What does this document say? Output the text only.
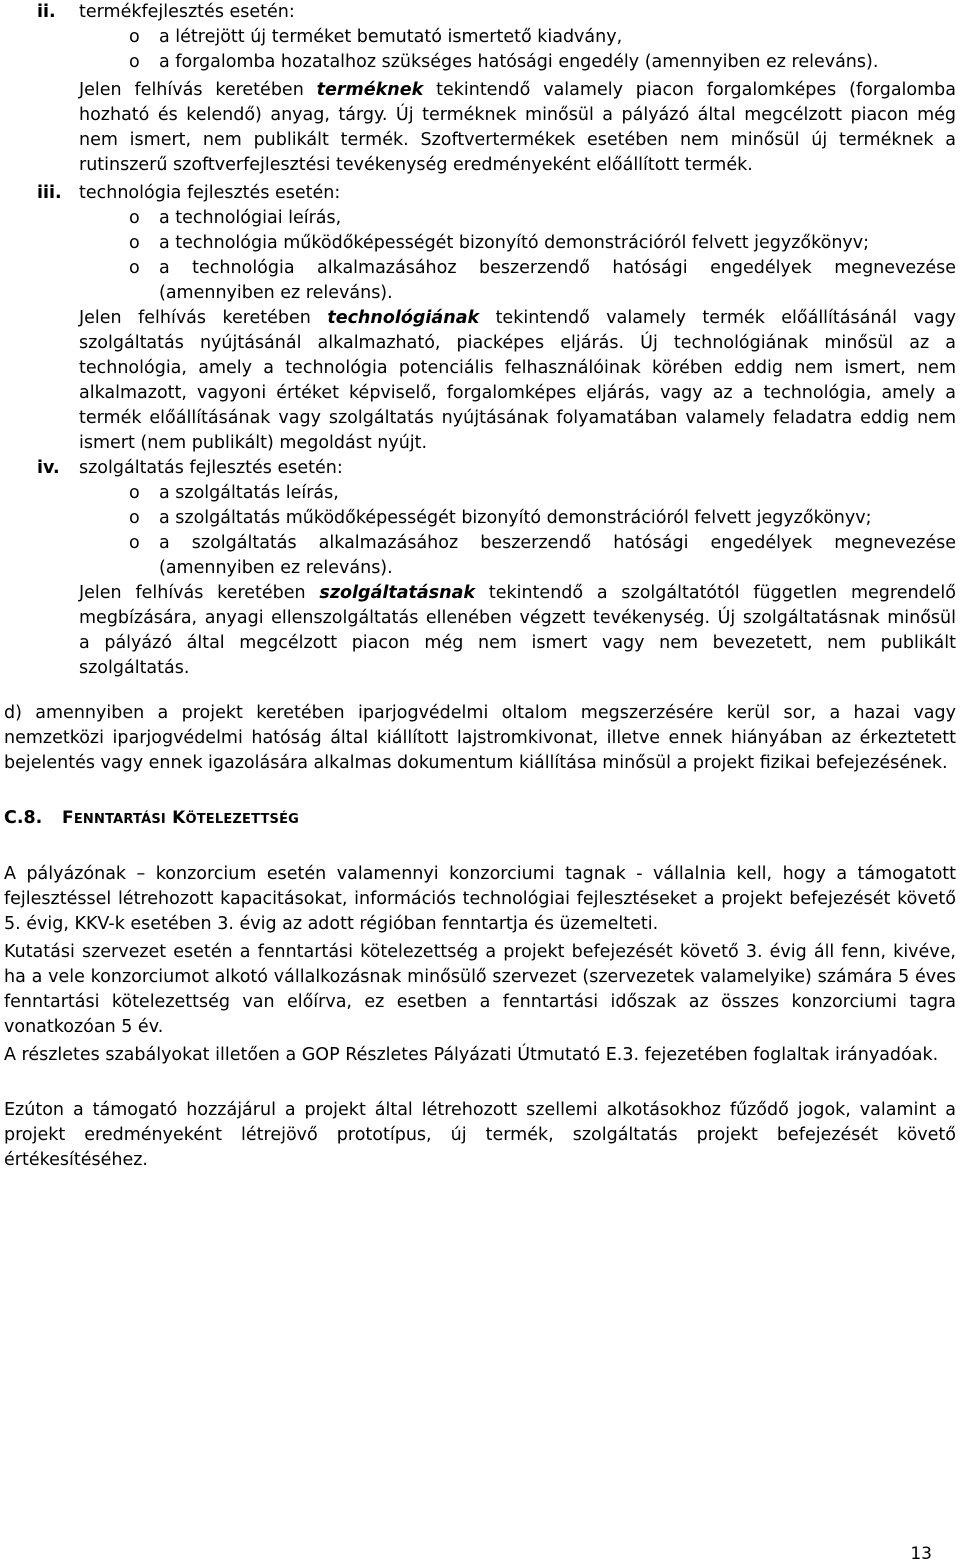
ii.	termékfejlesztés esetén:

o a létrejött új terméket bemutató ismertető kiadvány,

o a forgalomba hozatalhoz szükséges hatósági engedély (amennyiben ez releváns).

Jelen felhívás keretében terméknek tekintendő valamely piacon forgalomképes (forgalomba hozható és kelendő) anyag, tárgy. Új terméknek minősül a pályázó által megcélzott piacon még nem ismert, nem publikált termék. Szoftvertermékek esetében nem minősül új terméknek a rutinszerű szoftverfejlesztési tevékenység eredményeként előállított termék.

iii. technológia fejlesztés esetén:

o a technológiai leírás,

o a technológia működőképességét bizonyító demonstrációról felvett jegyzőkönyv;

o a technológia alkalmazásához beszerzendő hatósági engedélyek megnevezése (amennyiben ez releváns).

Jelen felhívás keretében technológiának tekintendő valamely termék előállításánál vagy szolgáltatás nyújtásánál alkalmazható, piacképes eljárás. Új technológiának minősül az a technológia, amely a technológia potenciális felhasználóinak körében eddig nem ismert, nem alkalmazott, vagyoni értéket képviselő, forgalomképes eljárás, vagy az a technológia, amely a termék előállításának vagy szolgáltatás nyújtásának folyamatában valamely feladatra eddig nem ismert (nem publikált) megoldást nyújt.

iv.	szolgáltatás fejlesztés esetén:

o a szolgáltatás leírás,

o a szolgáltatás működőképességét bizonyító demonstrációról felvett jegyzőkönyv;

o a szolgáltatás alkalmazásához beszerzendő hatósági engedélyek megnevezése (amennyiben ez releváns).

Jelen felhívás keretében szolgáltatásnak tekintendő a szolgáltatótól független megrendelő megbízására, anyagi ellenszolgáltatás ellenében végzett tevékenység. Új szolgáltatásnak minősül a pályázó által megcélzott piacon még nem ismert vagy nem bevezetett, nem publikált szolgáltatás.

d) amennyiben a projekt keretében iparjogvédelmi oltalom megszerzésére kerül sor, a hazai vagy nemzetközi iparjogvédelmi hatóság által kiállított lajstromkivonat, illetve ennek hiányában az érkeztetett bejelentés vagy ennek igazolására alkalmas dokumentum kiállítása minősül a projekt fizikai befejezésének.

C.8.	FENNTARTÁSI KÖTELEZETTSÉG

A pályázónak – konzorcium esetén valamennyi konzorciumi tagnak - vállalnia kell, hogy a támogatott fejlesztéssel létrehozott kapacitásokat, információs technológiai fejlesztéseket a projekt befejezését követő 5. évig, KKV-k esetében 3. évig az adott régióban fenntartja és üzemelteti.

Kutatási szervezet esetén a fenntartási kötelezettség a projekt befejezését követő 3. évig áll fenn, kivéve, ha a vele konzorciumot alkotó vállalkozásnak minősülő szervezet (szervezetek valamelyike) számára 5 éves fenntartási kötelezettség van előírva, ez esetben a fenntartási időszak az összes konzorciumi tagra vonatkozóan 5 év.

A részletes szabályokat illetően a GOP Részletes Pályázati Útmutató E.3. fejezetében foglaltak irányadóak.

Ezúton a támogató hozzájárul a projekt által létrehozott szellemi alkotásokhoz fűződő jogok, valamint a projekt eredményeként létrejövő prototípus, új termék, szolgáltatás projekt befejezését követő értékesítéséhez.

13
